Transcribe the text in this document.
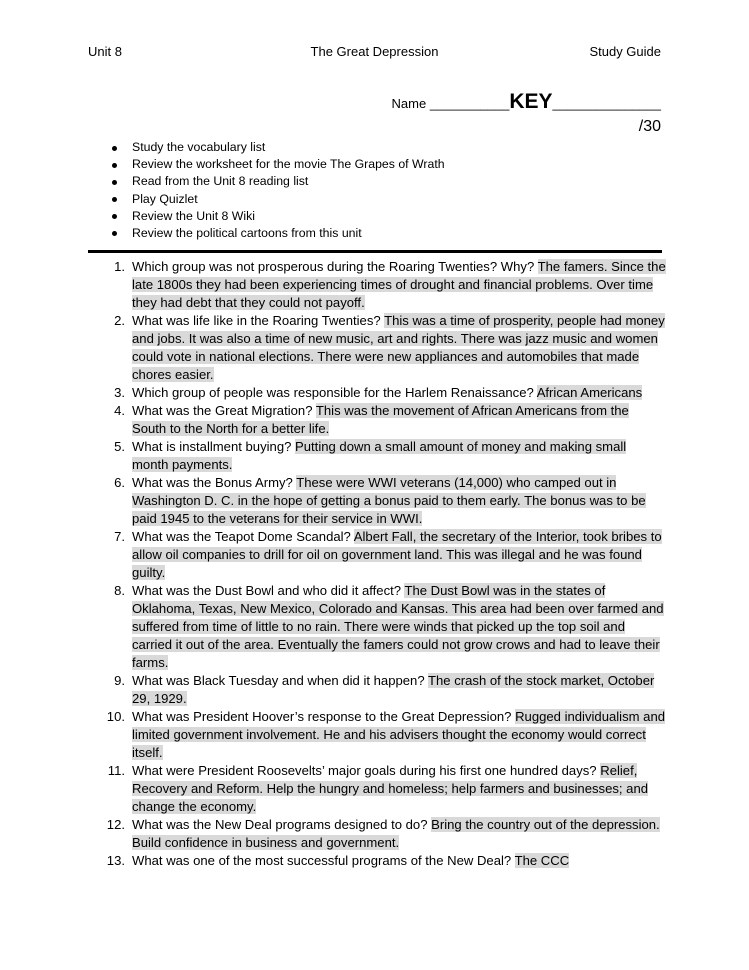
Unit 8	The Great Depression	Study Guide
Name ___________KEY_______________
/30
Study the vocabulary list
Review the worksheet for the movie The Grapes of Wrath
Read from the Unit 8 reading list
Play Quizlet
Review the Unit 8 Wiki
Review the political cartoons from this unit
1. Which group was not prosperous during the Roaring Twenties? Why? The famers. Since the late 1800s they had been experiencing times of drought and financial problems. Over time they had debt that they could not payoff.
2. What was life like in the Roaring Twenties? This was a time of prosperity, people had money and jobs. It was also a time of new music, art and rights. There was jazz music and women could vote in national elections. There were new appliances and automobiles that made chores easier.
3. Which group of people was responsible for the Harlem Renaissance? African Americans
4. What was the Great Migration? This was the movement of African Americans from the South to the North for a better life.
5. What is installment buying? Putting down a small amount of money and making small month payments.
6. What was the Bonus Army? These were WWI veterans (14,000) who camped out in Washington D. C. in the hope of getting a bonus paid to them early. The bonus was to be paid 1945 to the veterans for their service in WWI.
7. What was the Teapot Dome Scandal? Albert Fall, the secretary of the Interior, took bribes to allow oil companies to drill for oil on government land. This was illegal and he was found guilty.
8. What was the Dust Bowl and who did it affect? The Dust Bowl was in the states of Oklahoma, Texas, New Mexico, Colorado and Kansas. This area had been over farmed and suffered from time of little to no rain. There were winds that picked up the top soil and carried it out of the area. Eventually the famers could not grow crows and had to leave their farms.
9. What was Black Tuesday and when did it happen? The crash of the stock market, October 29, 1929.
10. What was President Hoover’s response to the Great Depression? Rugged individualism and limited government involvement. He and his advisers thought the economy would correct itself.
11. What were President Roosevelts’ major goals during his first one hundred days? Relief, Recovery and Reform. Help the hungry and homeless; help farmers and businesses; and change the economy.
12. What was the New Deal programs designed to do? Bring the country out of the depression. Build confidence in business and government.
13. What was one of the most successful programs of the New Deal? The CCC
